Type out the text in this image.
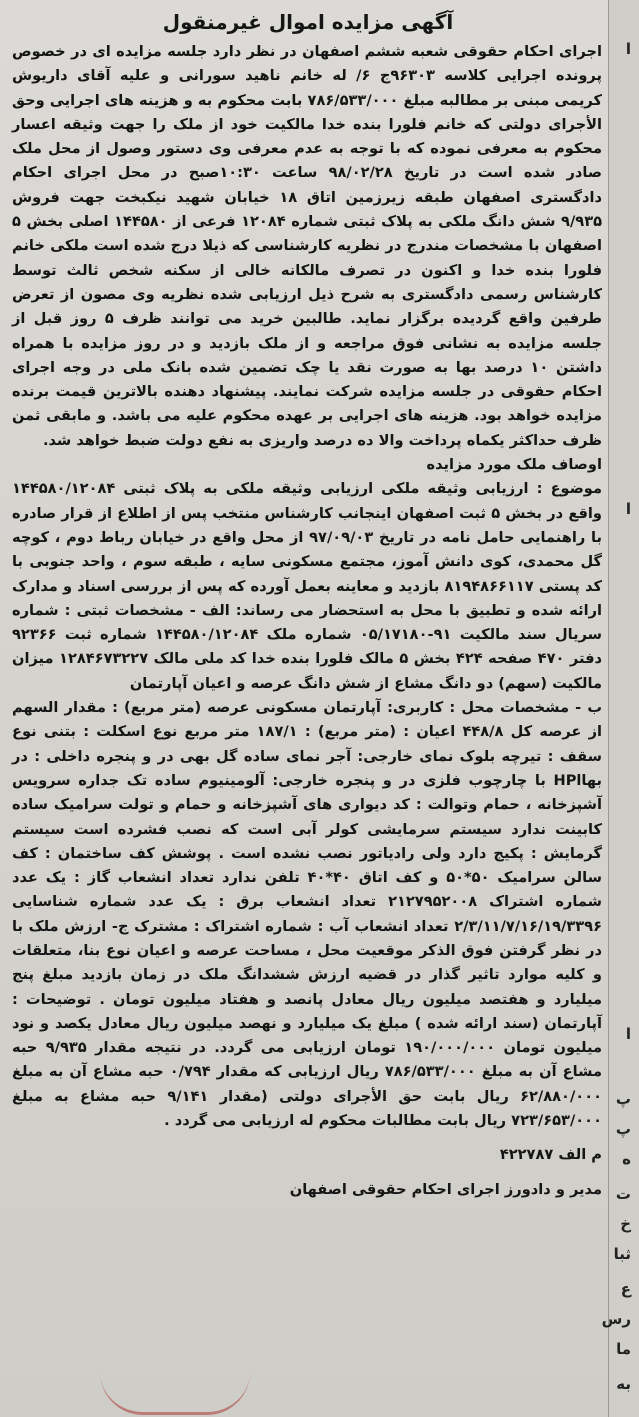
آگهی مزایده اموال غیرمنقول

اجرای احکام حقوقی شعبه ششم اصفهان در نظر دارد جلسه مزایده ای در خصوص پرونده اجرایی کلاسه ۹۶۳۰۳ج ۶/ له خانم ناهید سورانی و علیه آقای داریوش کریمی مبنی بر مطالبه مبلغ ۷۸۶/۵۳۳/۰۰۰ بابت محکوم به و هزینه های اجرایی وحق الأجرای دولتی که خانم فلورا بنده خدا مالکیت خود از ملک را جهت وثیقه اعسار محکوم به معرفی نموده که با توجه به عدم معرفی وی دستور وصول از محل ملک صادر شده است در تاریخ ۹۸/۰۲/۲۸ ساعت ۱۰:۳۰صبح در محل اجرای احکام دادگستری اصفهان طبقه زیرزمین اتاق ۱۸ خیابان شهید نیکبخت جهت فروش ۹/۹۳۵ شش دانگ ملکی به پلاک ثبتی شماره ۱۲۰۸۴ فرعی از ۱۴۴۵۸۰ اصلی بخش ۵ اصفهان با مشخصات مندرج در نظریه کارشناسی که ذیلا درج شده است ملکی خانم فلورا بنده خدا و اکنون در تصرف مالکانه خالی از سکنه شخص ثالث توسط کارشناس رسمی دادگستری به شرح ذیل ارزیابی شده نظریه وی مصون از تعرض طرفین واقع گردیده برگزار نماید. طالبین خرید می توانند ظرف ۵ روز قبل از جلسه مزایده به نشانی فوق مراجعه و از ملک بازدید و در روز مزایده با همراه داشتن ۱۰ درصد بها به صورت نقد یا چک تضمین شده بانک ملی در وجه اجرای احکام حقوقی در جلسه مزایده شرکت نمایند. پیشنهاد دهنده بالاترین قیمت برنده مزایده خواهد بود. هزینه های اجرایی بر عهده محکوم علیه می باشد. و مابقی ثمن ظرف حداکثر یکماه پرداخت والا ده درصد واریزی به نفع دولت ضبط خواهد شد.

اوصاف ملک مورد مزایده

موضوع : ارزیابی وثیقه ملکی ارزیابی وثیقه ملکی به پلاک ثبتی ۱۴۴۵۸۰/۱۲۰۸۴ واقع در بخش ۵ ثبت اصفهان اینجانب کارشناس منتخب پس از اطلاع از قرار صادره با راهنمایی حامل نامه در تاریخ ۹۷/۰۹/۰۳ از محل واقع در خیابان رباط دوم ، کوچه گل محمدی، کوی دانش آموز، مجتمع مسکونی سایه ، طبقه سوم ، واحد جنوبی با کد پستی ۸۱۹۴۸۶۶۱۱۷ بازدید و معاینه بعمل آورده که پس از بررسی اسناد و مدارک ارائه شده و تطبیق با محل به استحضار می رساند: الف - مشخصات ثبتی : شماره سریال سند مالکیت ۹۱-۰۵/۱۷۱۸۰ شماره ملک ۱۴۴۵۸۰/۱۲۰۸۴ شماره ثبت ۹۲۳۶۶ دفتر ۴۷۰ صفحه ۴۲۴ بخش ۵ مالک فلورا بنده خدا کد ملی مالک ۱۲۸۴۶۷۳۲۲۷ میزان مالکیت (سهم) دو دانگ مشاع از شش دانگ عرصه و اعیان آپارتمان

ب - مشخصات محل : کاربری: آپارتمان مسکونی عرصه (متر مربع) : مقدار السهم از عرصه کل ۴۴۸/۸ اعیان : (متر مربع) : ۱۸۷/۱ متر مربع نوع اسکلت : بتنی نوع سقف : تیرچه بلوک نمای خارجی: آجر نمای ساده گل بهی در و پنجره داخلی : در بهاHPl با چارچوب فلزی در و پنجره خارجی: آلومینیوم ساده تک جداره سرویس آشپزخانه ، حمام وتوالت : کد دیواری های آشپزخانه و حمام و تولت سرامیک ساده کابینت ندارد سیستم سرمایشی کولر آبی است که نصب فشرده است سیستم گرمایش : پکیج دارد ولی رادیاتور نصب نشده است . پوشش کف ساختمان : کف سالن سرامیک ۵۰*۵۰ و کف اتاق ۴۰*۴۰ تلفن ندارد تعداد انشعاب گاز : یک عدد شماره اشتراک ۲۱۲۷۹۵۲۰۰۸ تعداد انشعاب برق : یک عدد شماره شناسایی ۲/۳/۱۱/۷/۱۶/۱۹/۳۳۹۶ تعداد انشعاب آب : شماره اشتراک : مشترک ج- ارزش ملک با در نظر گرفتن فوق الذکر موقعیت محل ، مساحت عرصه و اعیان نوع بنا، متعلقات و کلیه موارد تاثیر گذار در قضیه ارزش ششدانگ ملک در زمان بازدید مبلغ پنج میلیارد و هفتصد میلیون ریال معادل پانصد و هفتاد میلیون تومان . توضیحات : آپارتمان (سند ارائه شده ) مبلغ یک میلیارد و نهصد میلیون ریال معادل یکصد و نود میلیون تومان ۱۹۰/۰۰۰/۰۰۰ تومان ارزیابی می گردد. در نتیجه مقدار ۹/۹۳۵ حبه مشاع آن به مبلغ ۷۸۶/۵۳۳/۰۰۰ ریال ارزیابی که مقدار ۰/۷۹۴ حبه مشاع آن به مبلغ ۶۲/۸۸۰/۰۰۰ ریال بابت حق الأجرای دولتی (مقدار ۹/۱۴۱ حبه مشاع به مبلغ ۷۲۳/۶۵۳/۰۰۰ ریال بابت مطالبات محکوم له ارزیابی می گردد .

م الف ۴۲۲۷۸۷
مدیر و دادورز اجرای احکام حقوقی اصفهان
ا
ا
ا
پ
پ
ه
ت
خ
ثبا
ع
رس
ما
به
